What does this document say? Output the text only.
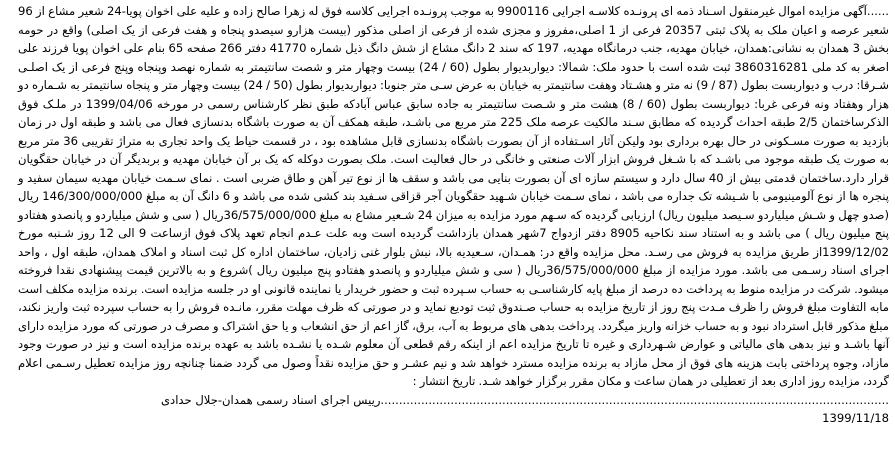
......آگهی مزایده اموال غیرمنقول اسـناد ذمه ای پرونـده کلاسـه اجرایی 9900116 به موجب پرونـده اجرایی کلاسه فوق له زهرا صالح زاده و علیه علی اخوان پویا-24 شعیر مشاع از 96 شعیر عرصه و اعیان ملک به پلاک ثبتی 20357 فرعی از 1 اصلی،مفروز و مجزی شده از فرعی از اصلی مذکور (بیست هزارو سیصدو پنجاه و هفت فرعی از یک اصلی) واقع در حومه بخش 3 همدان به نشانی:همدان، خیابان مهدیه، جنب درمانگاه مهدیه، 197 که سند 2 دانگ مشاع از شش دانگ ذیل شماره 41770 دفتر 266 صفحه 65 بنام علی اخوان پویا فرزند علی اصغر به کد ملی 3860316281 ثبت شده است با حدود ملک: شمالا: دیواربدیوار بطول (60 / 24) بیست وچهار متر و شصت سانتیمتر به شماره نهصد وپنجاه وپنج فرعی از یک اصلـی شـرقا: درب و دیواربست بطول (87 / 9) نه متر و هشـتاد وهفت سانتیمتر به خیابان به عرض سـی متر جنوبا: دیواربدیوار بطول (50 / 24) بیست وچهار متر و پنجاه سانتیمتر به شـماره دو هزار وهفتاد ونه فرعی غربا: دیواربست بطول (60 / 8) هشت متر و شـصت سانتیمتر به جاده سابق عباس آبادکه طبق نظر کارشناس رسمی در مورخه 1399/04/06 در ملـک فوق الذکرساختمان 2/5 طبقه احداث گردیده که مطابق سـند مالکیت عرصه ملک 225 متر مربع می باشـد، طبقه همکف آن به صورت باشگاه بدنسازی فعال می باشد و طبقه اول در زمان بازدید به صورت مسـکونی در حال بهره برداری بود ولیکن آثار اسـتفاده از آن بصورت باشگاه بدنسازی قابل مشاهده بود ، در قسمت حیاط یک واحد تجاری به متراژ تقریبی 36 متر مربع به صورت یک طبقه موجود می باشـد که با شـغل فروش ابزار آلات صنعتی و خانگی در حال فعالیت است. ملک بصورت دوکله که یک بر آن خیابان مهدیه و بربدیگر آن در خیابان حقگویان قرار دارد.ساختمان قدمتی بیش از 40 سال دارد و سیستم سازه ای آن بصورت بنایی می باشد و سقف ها از نوع تیر آهن و طاق ضربی است . نمای سـمت خیابان مهدیه سیمان سفید و پنجره ها از نوع آلومینیومی با شـیشه تک جداره می باشد ، نمای سـمت خیابان شـهید حقگویان آجر قزاقی سـفید بند کشی شده می باشد و 6 دانگ آن به مبلغ 146/300/000/000 ریال (صدو چهل و شـش میلیاردو سـیصد میلیون ریال) ارزیابی گردیده که سـهم مورد مزایده به میزان 24 شـعیر مشاع به مبلغ 36/575/000/000ریال ( سی و شش میلیاردو و پانصدو هفتادو پنج میلیون ریال ) می باشد و به استناد سند نکاحیه 8905 دفتر ازدواج 7شهر همدان بازداشت گردیده است وبه علت عـدم انجام تعهد پلاک فوق ازساعت 9 الی 12 روز شـنبه مورخ 1399/12/02از طریق مزایده به فروش می رسـد. محل مزایده واقع در: همـدان، سـعیدیه بالا، نبش بلوار غنی زادیان، ساختمان اداره کل ثبت اسناد و املاک همدان، طبقه اول ، واحد اجرای اسناد رسـمی می باشد. مورد مزایده از مبلغ 36/575/000/000ریال ( سی و شش میلیاردو و پانصدو هفتادو پنج میلیون ریال )شروع و به بالاترین قیمت پیشنهادی نقدا فروخته میشود. شرکت در مزایده منوط به پرداخت ده درصد از مبلغ پایه کارشناسـی به حساب سـپرده ثبت و حضور خریدار یا نماینده قانونی او در جلسه مزایده است. برنده مزایده مکلف است مابه التفاوت مبلغ فروش را ظرف مـدت پنج روز از تاریخ مزایده به حساب صـندوق ثبت تودیع نماید و در صورتی که ظرف مهلت مقرر، مانـده فروش را به حساب سپرده ثبت واریز نکند، مبلغ مذکور قابل استرداد نبود و به حساب خزانه واریز میگردد. پرداخت بدهی های مربوط به آب، برق، گاز اعم از حق انشعاب و یا حق اشتراک و مصرف در صورتی که مورد مزایده دارای آنها باشـد و نیز بدهی های مالیاتی و عوارض شـهرداری و غیره تا تاریخ مزایده اعم از اینکه رقم قطعی آن معلوم شـده یا نشـده باشد به عهده برنده مزایده است و نیز در صورت وجود مازاد، وجوه پرداختی بابت هزینه های فوق از محل مازاد به برنده مزایده مسترد خواهد شد و نیم عشـر و حق مزایده نقداً وصول می گردد ضمنا چنانچه روز مزایده تعطیل رسـمی اعلام گردد، مزایده روز اداری بعد از تعطیلی در همان ساعت و مکان مقرر برگزار خواهد شـد. تاریخ انتشار :

..........................................................................................................................................رییس اجرای اسناد رسمی همدان-جلال حدادی

1399/11/18
